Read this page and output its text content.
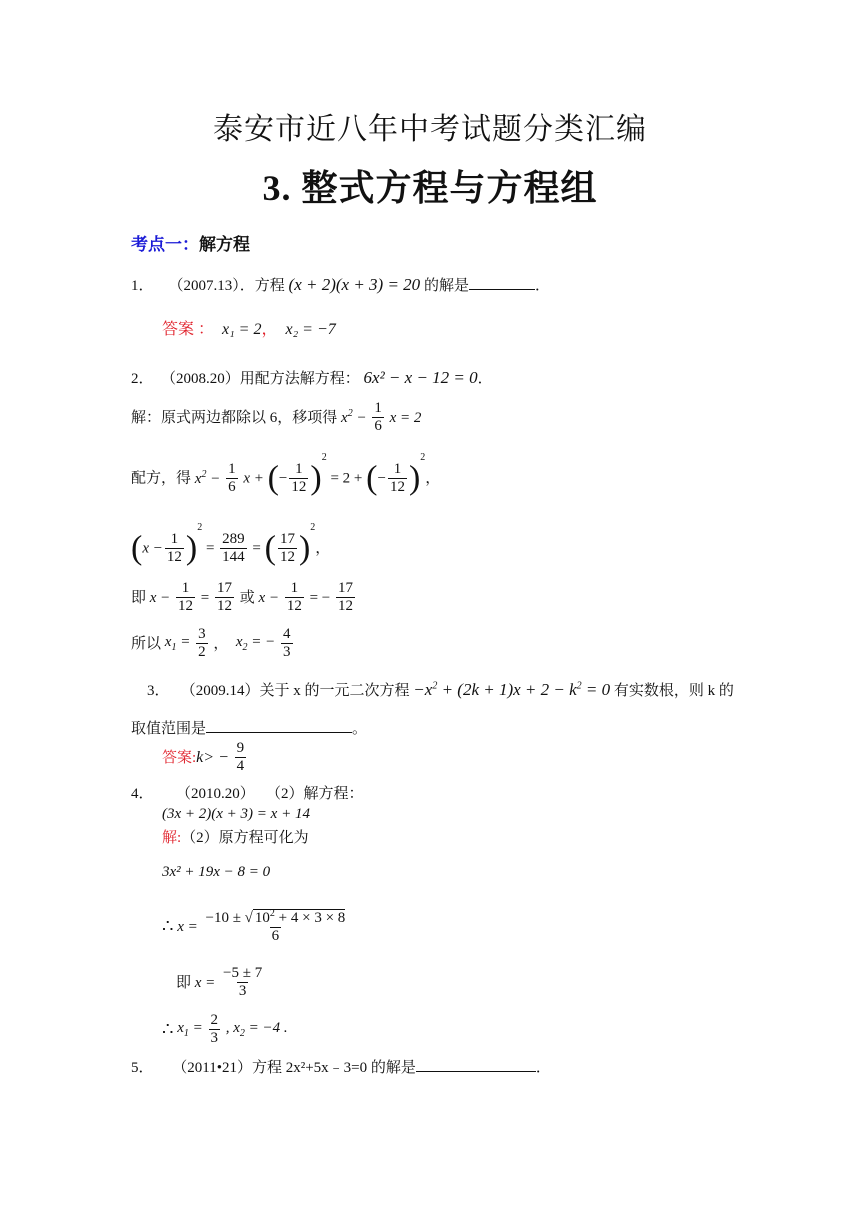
泰安市近八年中考试题分类汇编
3. 整式方程与方程组
考点一：解方程
1． （2007.13）．方程 (x + 2)(x + 3) = 20 的解是	．
答案 ： x₁ = 2， x₂ = −7
2． （2008.20）用配方法解方程： 6x² − x − 12 = 0．
解：原式两边都除以 6，移项得 $x^2 - \frac{1}{6}$ x = 2
配方，得 $x^2 - \frac{1}{6}$ x + (− $\frac{1}{12} )^2 = 2$ + (− $\frac{1}{12} )^2$，
$(x - \frac{1}{12} )^2 = \frac{289}{144}$ = ( $\frac{17}{12} )^2$，
即 $x - \frac{1}{12} = \frac{17}{12}$ 或 $x - \frac{1}{12}$ = − $\frac{17}{12}$
所以 $x_1 = \frac{3}{2}$ ，  $x_2$ = − $\frac{4}{3}$
3． （2009.14）关于 x 的一元二次方程 $-x^2 + (2k + 1)x + 2 - k^2 = 0$ 有实数根，则 k 的
取值范围是	。
答案:k> − $\frac{9}{4}$
4． （2010.20） （2）解方程：
(3x + 2)(x + 3) = x + 14
解:（2）原方程可化为
3x² + 19x − 8 = 0
∴ $x = \frac{-10 \pm √ 10^2 + 4 \times 3 \times 8}{6}$
即 $x = \frac{-5 \pm 7}{3}$
∴ $x_1 = \frac{2}{3}$ , $x_2 = -4$ .
5． （2011•21）方程 2x²+5x﹣3=0 的解是	．
